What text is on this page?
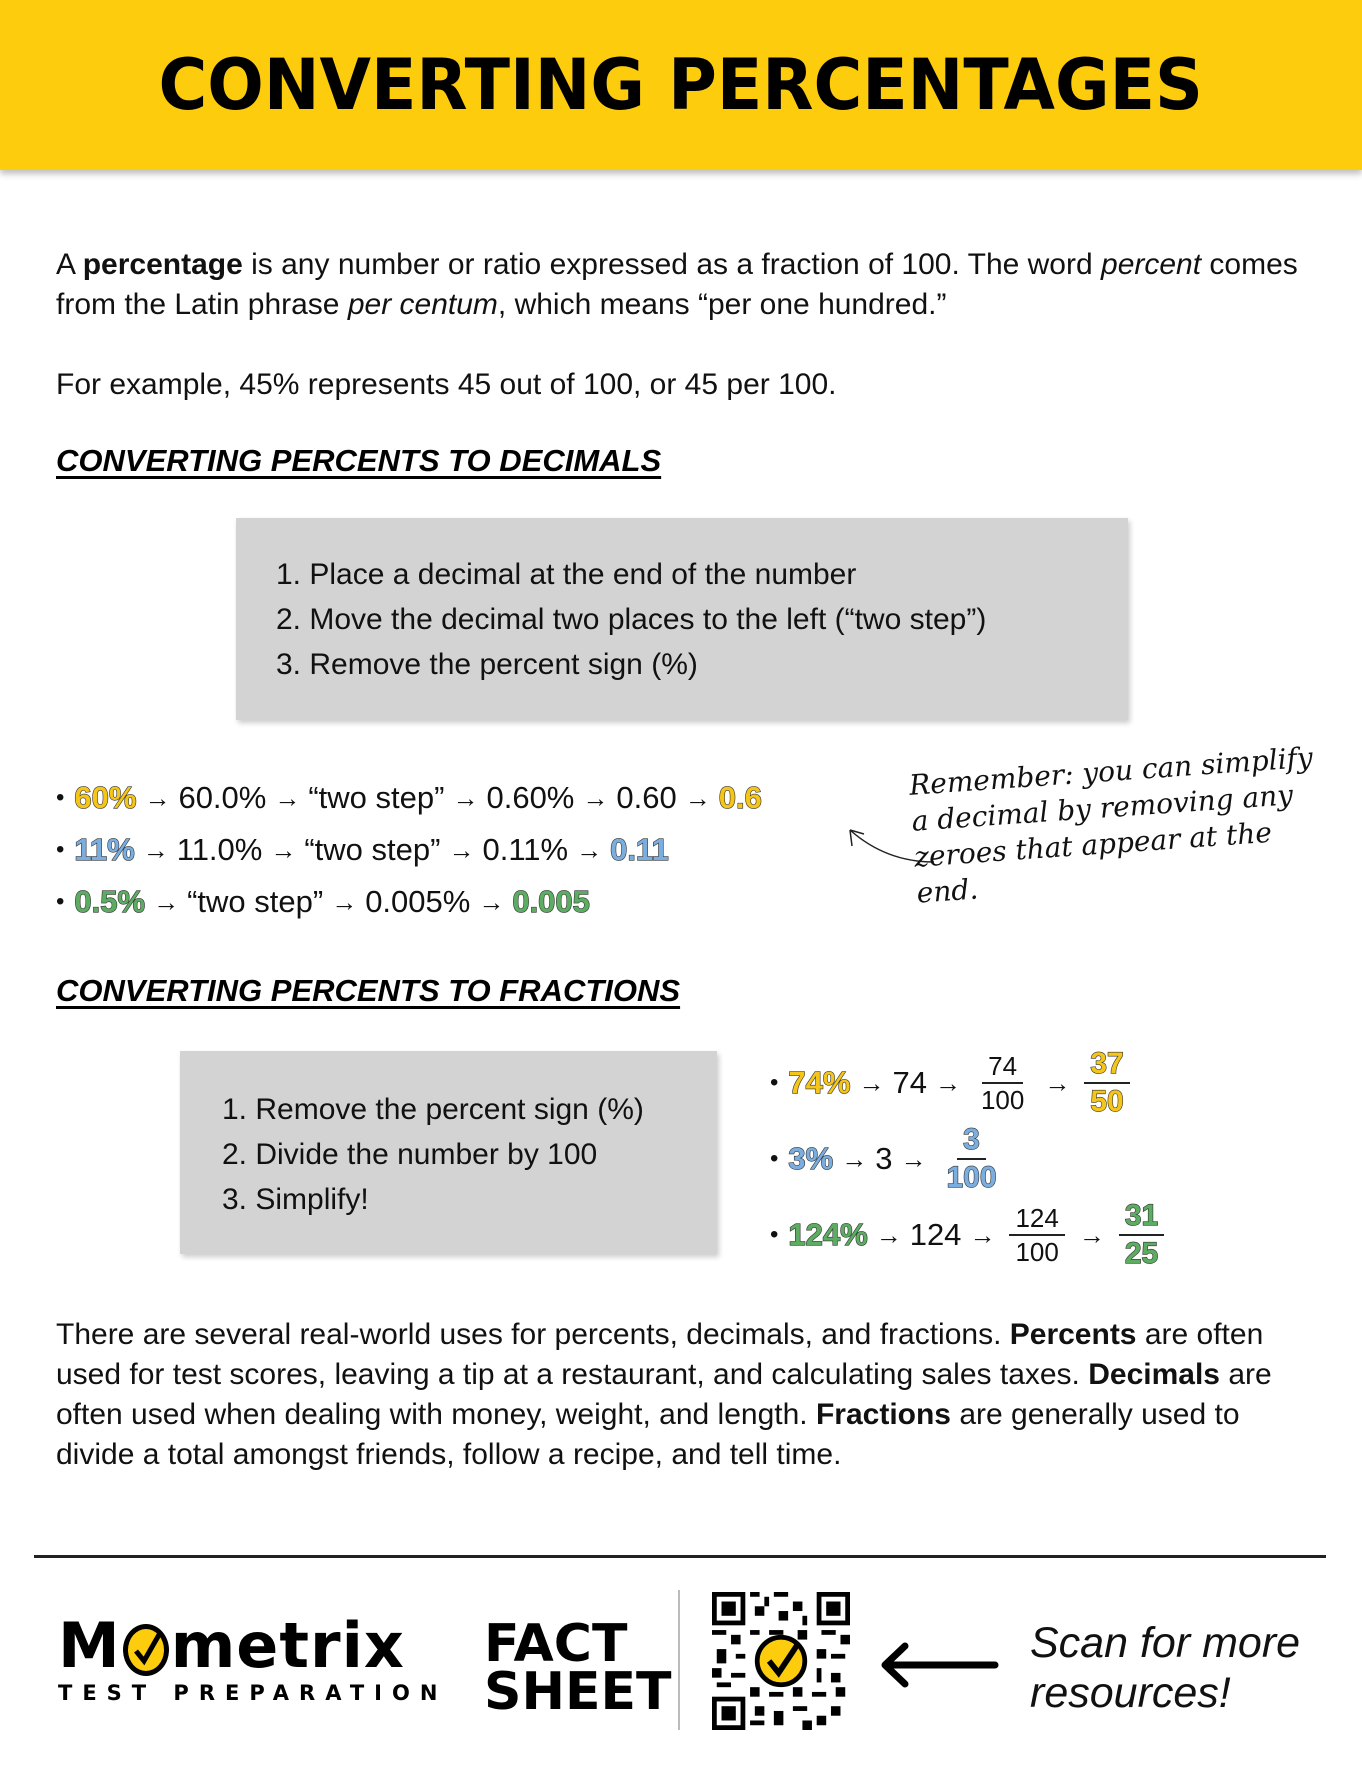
CONVERTING PERCENTAGES
A percentage is any number or ratio expressed as a fraction of 100. The word percent comes from the Latin phrase per centum, which means “per one hundred.”
For example, 45% represents 45 out of 100, or 45 per 100.
CONVERTING PERCENTS TO DECIMALS
1. Place a decimal at the end of the number
2. Move the decimal two places to the left (“two step”)
3. Remove the percent sign (%)
• 60% → 60.0% → “two step” → 0.60% → 0.60 → 0.6
• 11% → 11.0% → “two step” → 0.11% → 0.11
• 0.5% → “two step” → 0.005% → 0.005
Remember: you can simplify a decimal by removing any zeroes that appear at the end.
CONVERTING PERCENTS TO FRACTIONS
1. Remove the percent sign (%)
2. Divide the number by 100
3. Simplify!
• $74\% \to 74 \to \frac{74}{100} \to \frac{37}{50}$
• $3\% \to 3 \to \frac{3}{100}$
• $124\% \to 124 \to \frac{124}{100} \to \frac{31}{25}$
There are several real-world uses for percents, decimals, and fractions. Percents are often used for test scores, leaving a tip at a restaurant, and calculating sales taxes. Decimals are often used when dealing with money, weight, and length. Fractions are generally used to divide a total amongst friends, follow a recipe, and tell time.
M metrix
TEST PREPARATION
FACT
SHEET
Scan for more
resources!
